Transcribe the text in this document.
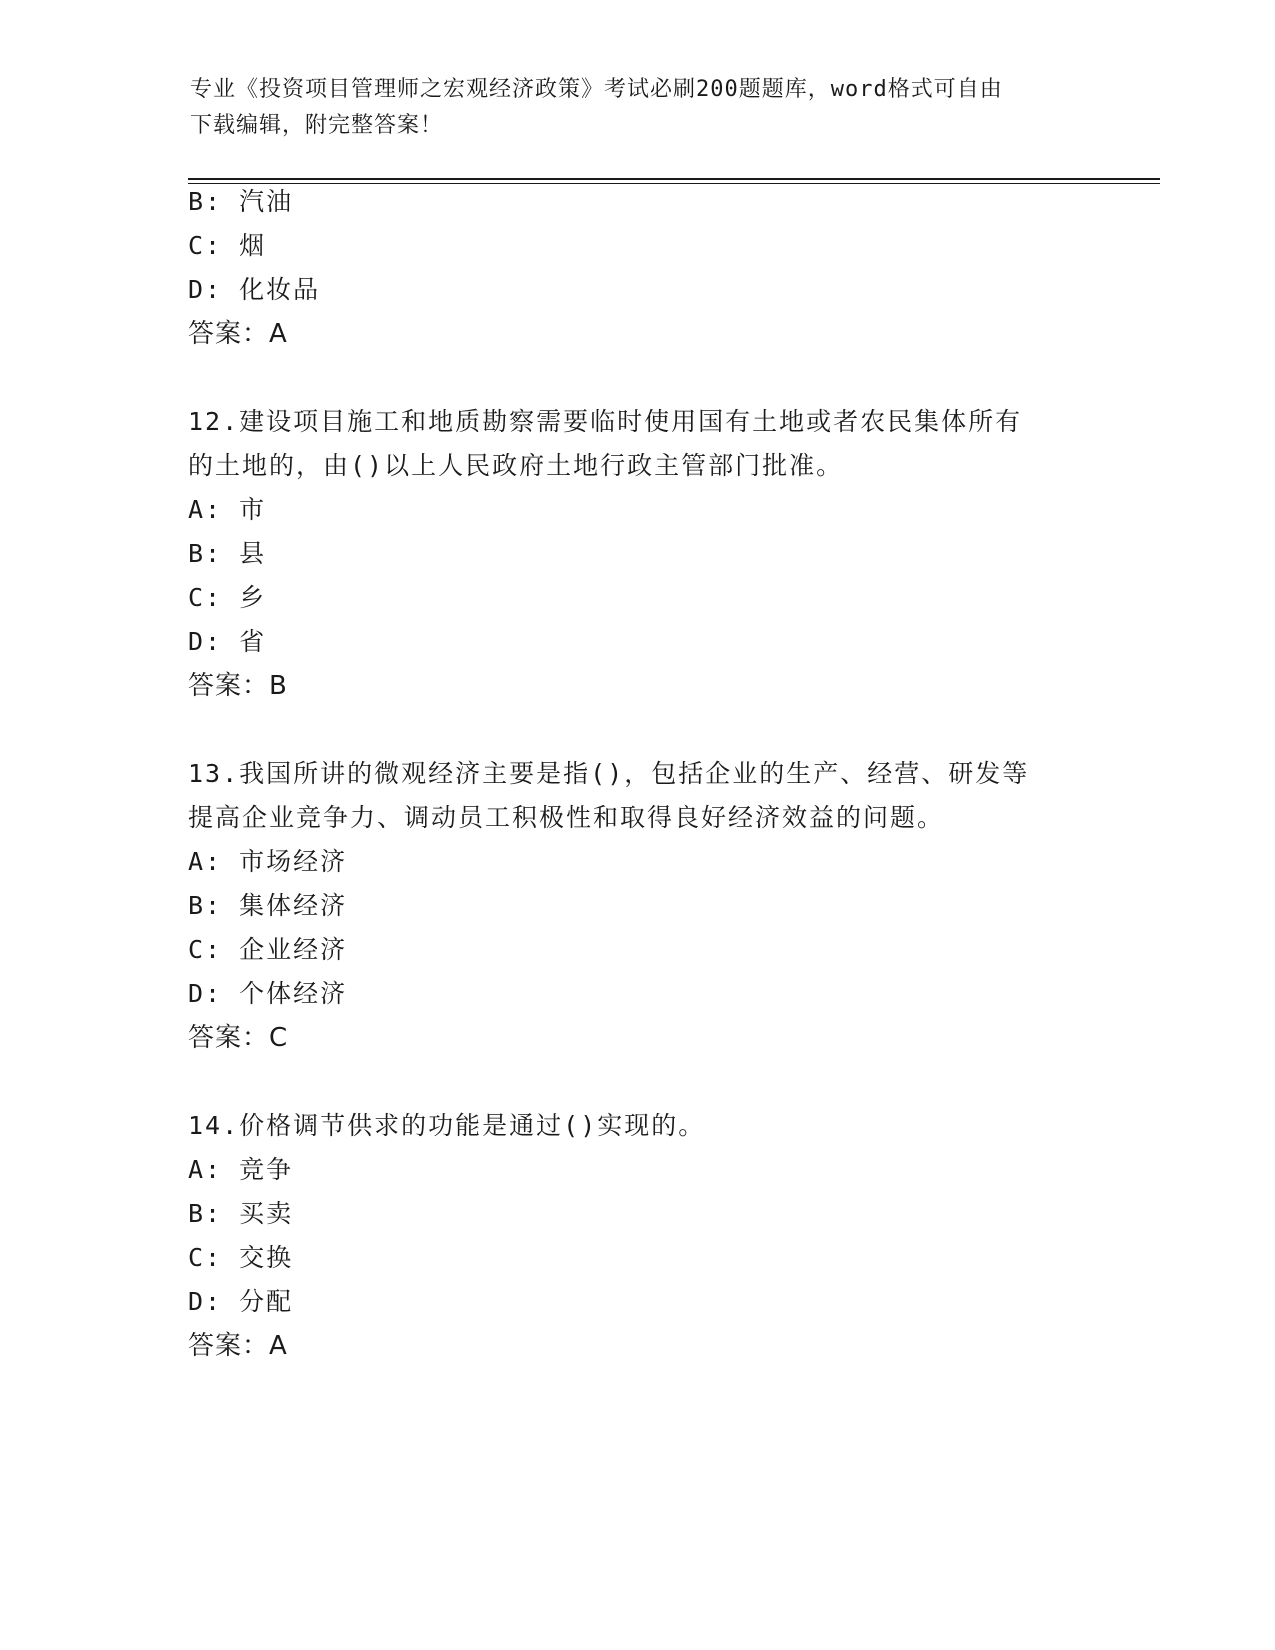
专业《投资项目管理师之宏观经济政策》考试必刷200题题库，word格式可自由
下载编辑，附完整答案！
B: 汽油
C: 烟
D: 化妆品
答案：A
12.建设项目施工和地质勘察需要临时使用国有土地或者农民集体所有
的土地的，由()以上人民政府土地行政主管部门批准。
A: 市
B: 县
C: 乡
D: 省
答案：B
13.我国所讲的微观经济主要是指()，包括企业的生产、经营、研发等
提高企业竞争力、调动员工积极性和取得良好经济效益的问题。
A: 市场经济
B: 集体经济
C: 企业经济
D: 个体经济
答案：C
14.价格调节供求的功能是通过()实现的。
A: 竞争
B: 买卖
C: 交换
D: 分配
答案：A
